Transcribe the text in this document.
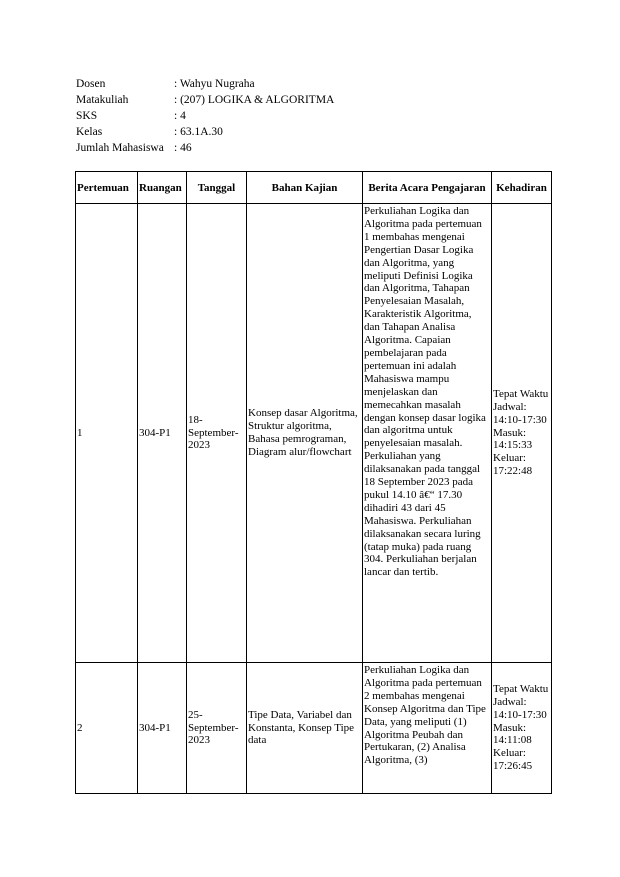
Dosen	: Wahyu Nugraha
Matakuliah	: (207) LOGIKA & ALGORITMA
SKS	: 4
Kelas	: 63.1A.30
Jumlah Mahasiswa	: 46
Pertemuan	Ruangan	Tanggal	Bahan Kajian	Berita Acara Pengajaran	Kehadiran
1	304-P1	18-September-2023	Konsep dasar Algoritma, Struktur algoritma, Bahasa pemrograman, Diagram alur/flowchart	Perkuliahan Logika dan Algoritma pada pertemuan 1 membahas mengenai Pengertian Dasar Logika dan Algoritma, yang meliputi Definisi Logika dan Algoritma, Tahapan Penyelesaian Masalah, Karakteristik Algoritma, dan Tahapan Analisa Algoritma. Capaian pembelajaran pada pertemuan ini adalah Mahasiswa mampu menjelaskan dan memecahkan masalah dengan konsep dasar logika dan algoritma untuk penyelesaian masalah. Perkuliahan yang dilaksanakan pada tanggal 18 September 2023 pada pukul 14.10 â€“ 17.30 dihadiri 43 dari 45 Mahasiswa. Perkuliahan dilaksanakan secara luring (tatap muka) pada ruang 304. Perkuliahan berjalan lancar dan tertib.	Tepat Waktu Jadwal: 14:10-17:30 Masuk: 14:15:33 Keluar: 17:22:48
2	304-P1	25-September-2023	Tipe Data, Variabel dan Konstanta, Konsep Tipe data	Perkuliahan Logika dan Algoritma pada pertemuan 2 membahas mengenai Konsep Algoritma dan Tipe Data, yang meliputi (1) Algoritma Peubah dan Pertukaran, (2) Analisa Algoritma, (3)	Tepat Waktu Jadwal: 14:10-17:30 Masuk: 14:11:08 Keluar: 17:26:45
